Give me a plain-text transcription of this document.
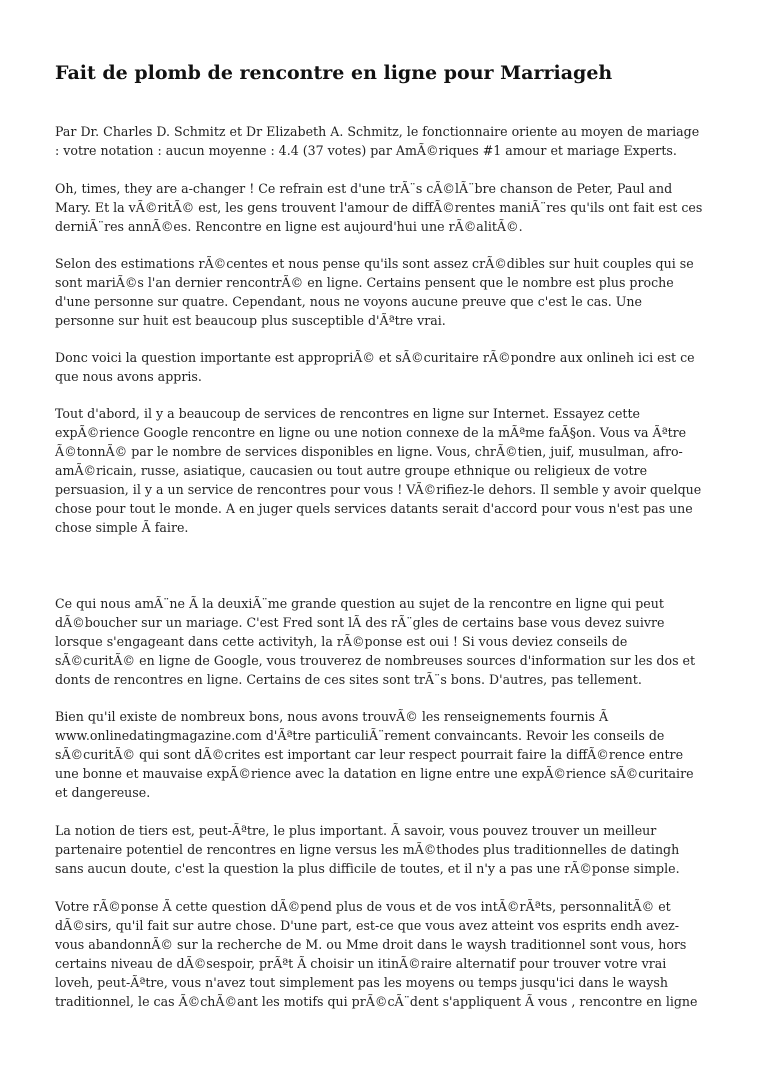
Fait de plomb de rencontre en ligne pour Marriageh

Par Dr. Charles D. Schmitz et Dr Elizabeth A. Schmitz, le fonctionnaire oriente au moyen de mariage
: votre notation : aucun moyenne : 4.4 (37 votes) par AmÃ©riques #1 amour et mariage Experts.

Oh, times, they are a-changer ! Ce refrain est d'une trÃ¨s cÃ©lÃ¨bre chanson de Peter, Paul and
Mary. Et la vÃ©ritÃ© est, les gens trouvent l'amour de diffÃ©rentes maniÃ¨res qu'ils ont fait est ces
derniÃ¨res annÃ©es. Rencontre en ligne est aujourd'hui une rÃ©alitÃ©.

Selon des estimations rÃ©centes et nous pense qu'ils sont assez crÃ©dibles sur huit couples qui se
sont mariÃ©s l'an dernier rencontrÃ© en ligne. Certains pensent que le nombre est plus proche
d'une personne sur quatre. Cependant, nous ne voyons aucune preuve que c'est le cas. Une
personne sur huit est beaucoup plus susceptible d'Ãªtre vrai.

Donc voici la question importante est appropriÃ© et sÃ©curitaire rÃ©pondre aux onlineh ici est ce
que nous avons appris.

Tout d'abord, il y a beaucoup de services de rencontres en ligne sur Internet. Essayez cette
expÃ©rience Google rencontre en ligne ou une notion connexe de la mÃªme faÃ§on. Vous va Ãªtre
Ã©tonnÃ© par le nombre de services disponibles en ligne. Vous, chrÃ©tien, juif, musulman, afro-
amÃ©ricain, russe, asiatique, caucasien ou tout autre groupe ethnique ou religieux de votre
persuasion, il y a un service de rencontres pour vous ! VÃ©rifiez-le dehors. Il semble y avoir quelque
chose pour tout le monde. A en juger quels services datants serait d'accord pour vous n'est pas une
chose simple Ã faire.

Ce qui nous amÃ¨ne Ã la deuxiÃ¨me grande question au sujet de la rencontre en ligne qui peut
dÃ©boucher sur un mariage. C'est Fred sont lÃ des rÃ¨gles de certains base vous devez suivre
lorsque s'engageant dans cette activityh, la rÃ©ponse est oui ! Si vous deviez conseils de
sÃ©curitÃ© en ligne de Google, vous trouverez de nombreuses sources d'information sur les dos et
donts de rencontres en ligne. Certains de ces sites sont trÃ¨s bons. D'autres, pas tellement.

Bien qu'il existe de nombreux bons, nous avons trouvÃ© les renseignements fournis Ã
www.onlinedatingmagazine.com d'Ãªtre particuliÃ¨rement convaincants. Revoir les conseils de
sÃ©curitÃ© qui sont dÃ©crites est important car leur respect pourrait faire la diffÃ©rence entre
une bonne et mauvaise expÃ©rience avec la datation en ligne entre une expÃ©rience sÃ©curitaire
et dangereuse.

La notion de tiers est, peut-Ãªtre, le plus important. Ã savoir, vous pouvez trouver un meilleur
partenaire potentiel de rencontres en ligne versus les mÃ©thodes plus traditionnelles de datingh
sans aucun doute, c'est la question la plus difficile de toutes, et il n'y a pas une rÃ©ponse simple.

Votre rÃ©ponse Ã cette question dÃ©pend plus de vous et de vos intÃ©rÃªts, personnalitÃ© et
dÃ©sirs, qu'il fait sur autre chose. D'une part, est-ce que vous avez atteint vos esprits endh avez-
vous abandonnÃ© sur la recherche de M. ou Mme droit dans le waysh traditionnel sont vous, hors
certains niveau de dÃ©sespoir, prÃªt Ã choisir un itinÃ©raire alternatif pour trouver votre vrai
loveh, peut-Ãªtre, vous n'avez tout simplement pas les moyens ou temps jusqu'ici dans le waysh
traditionnel, le cas Ã©chÃ©ant les motifs qui prÃ©cÃ¨dent s'appliquent Ã vous , rencontre en ligne
